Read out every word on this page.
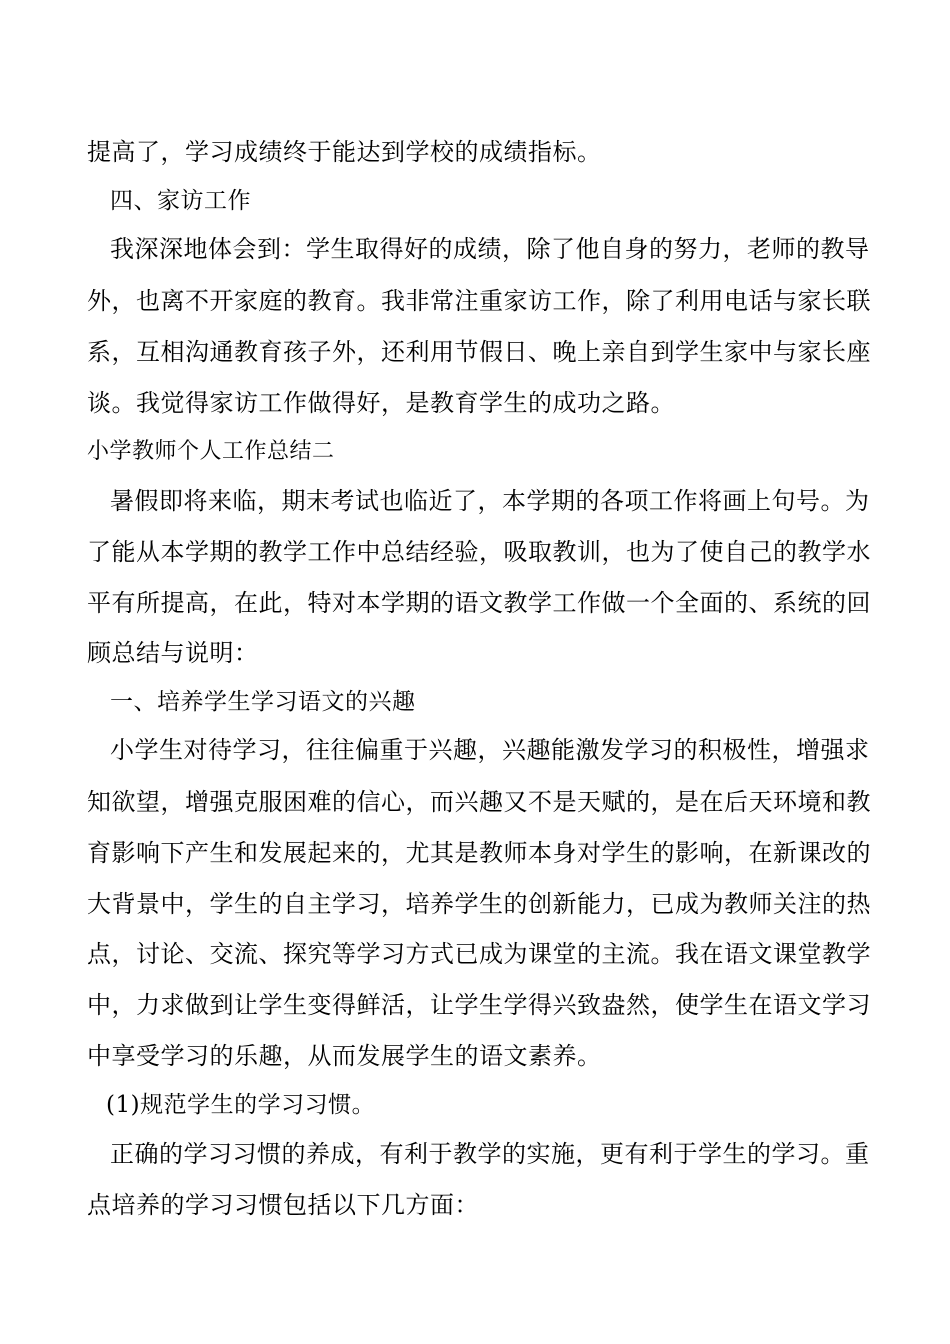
提高了，学习成绩终于能达到学校的成绩指标。
四、家访工作
我深深地体会到：学生取得好的成绩，除了他自身的努力，老师的教导
外，也离不开家庭的教育。我非常注重家访工作，除了利用电话与家长联
系，互相沟通教育孩子外，还利用节假日、晚上亲自到学生家中与家长座
谈。我觉得家访工作做得好，是教育学生的成功之路。
小学教师个人工作总结二
暑假即将来临，期末考试也临近了，本学期的各项工作将画上句号。为
了能从本学期的教学工作中总结经验，吸取教训，也为了使自己的教学水
平有所提高，在此，特对本学期的语文教学工作做一个全面的、系统的回
顾总结与说明：
一、培养学生学习语文的兴趣
小学生对待学习，往往偏重于兴趣，兴趣能激发学习的积极性，增强求
知欲望，增强克服困难的信心，而兴趣又不是天赋的，是在后天环境和教
育影响下产生和发展起来的，尤其是教师本身对学生的影响，在新课改的
大背景中，学生的自主学习，培养学生的创新能力，已成为教师关注的热
点，讨论、交流、探究等学习方式已成为课堂的主流。我在语文课堂教学
中，力求做到让学生变得鲜活，让学生学得兴致盎然，使学生在语文学习
中享受学习的乐趣，从而发展学生的语文素养。
(1)规范学生的学习习惯。
正确的学习习惯的养成，有利于教学的实施，更有利于学生的学习。重
点培养的学习习惯包括以下几方面：
